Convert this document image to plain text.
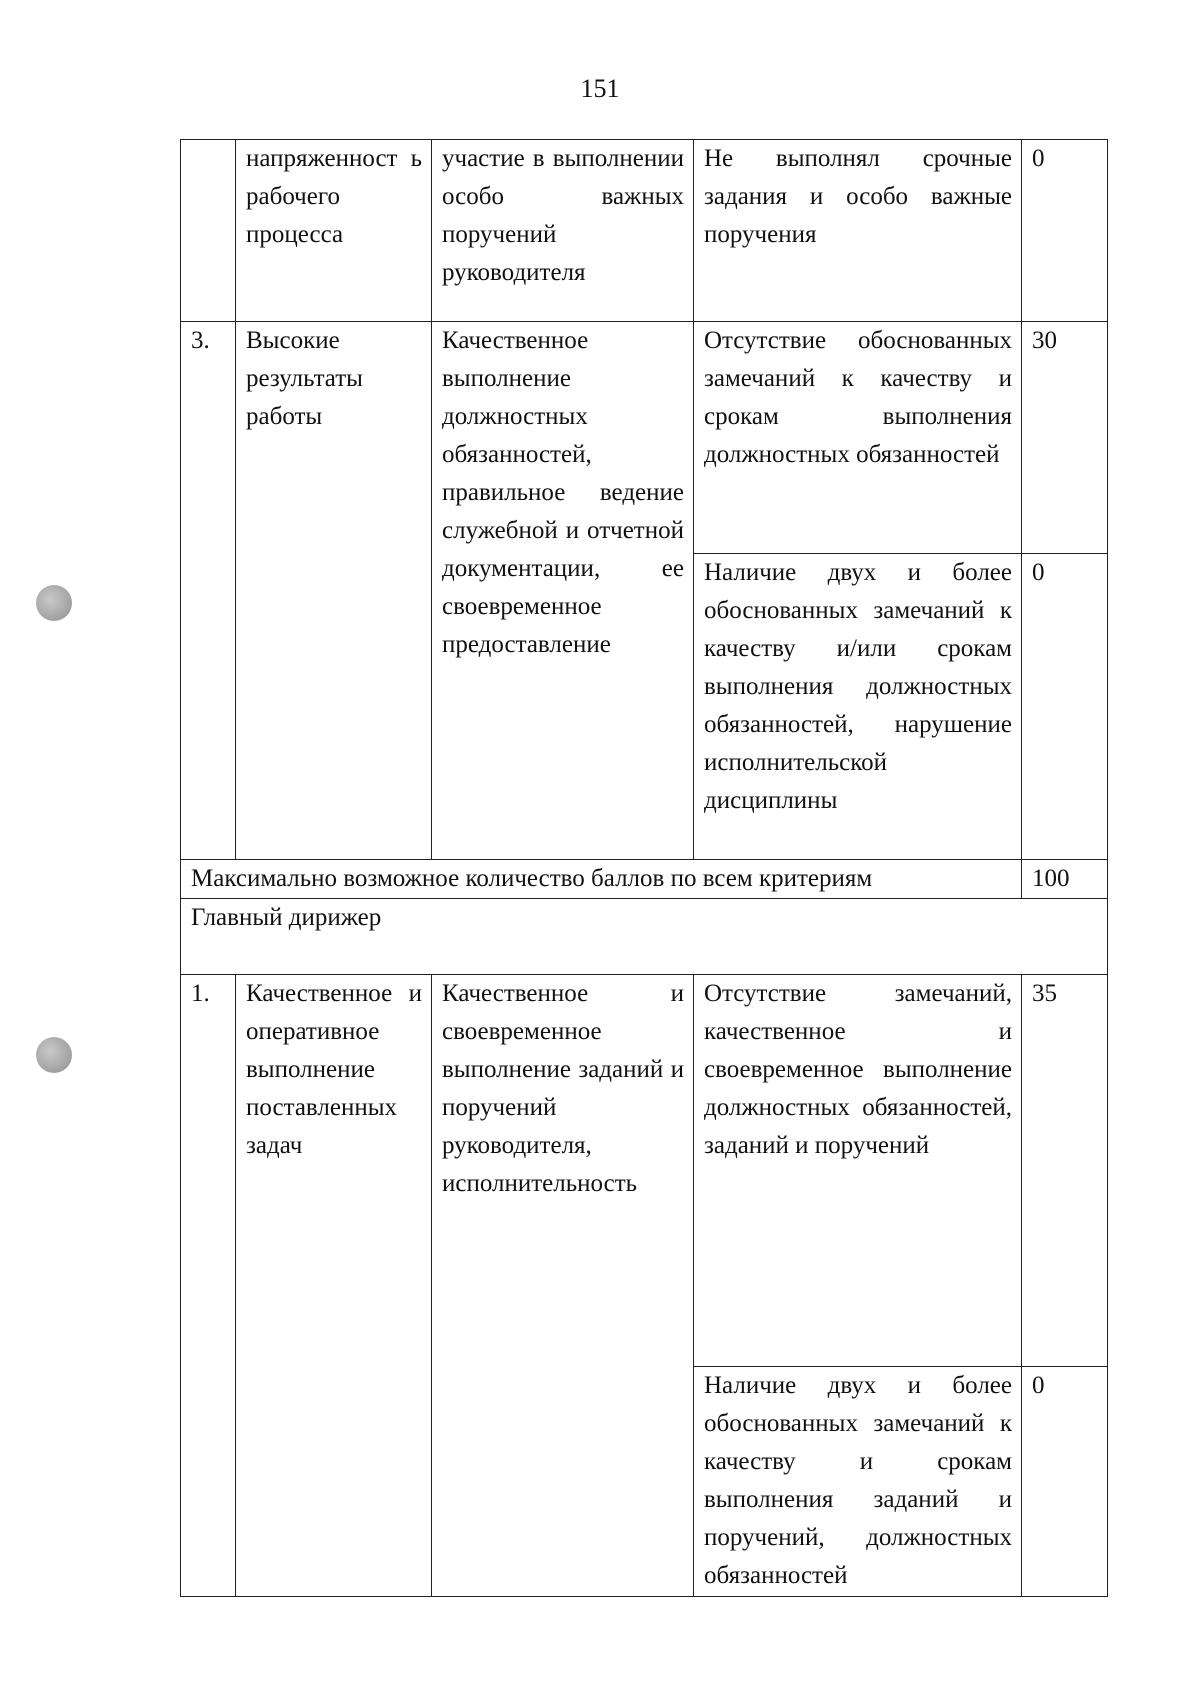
151
	напряженност ь рабочего процесса	участие в выполнении особо важных поручений руководителя	Не выполнял срочные задания и особо важные поручения	0
3.	Высокие результаты работы	Качественное выполнение должностных обязанностей, правильное ведение служебной и отчетной документации, ее своевременное предоставление	Отсутствие обоснованных замечаний к качеству и срокам выполнения должностных обязанностей	30
			Наличие двух и более обоснованных замечаний к качеству и/или срокам выполнения должностных обязанностей, нарушение исполнительской дисциплины	0
Максимально возможное количество баллов по всем критериям				100
Главный дирижер				
1.	Качественное и оперативное выполнение поставленных задач	Качественное и своевременное выполнение заданий и поручений руководителя, исполнительность	Отсутствие замечаний, качественное и своевременное выполнение должностных обязанностей, заданий и поручений	35
			Наличие двух и более обоснованных замечаний к качеству и срокам выполнения заданий и поручений, должностных обязанностей	0
